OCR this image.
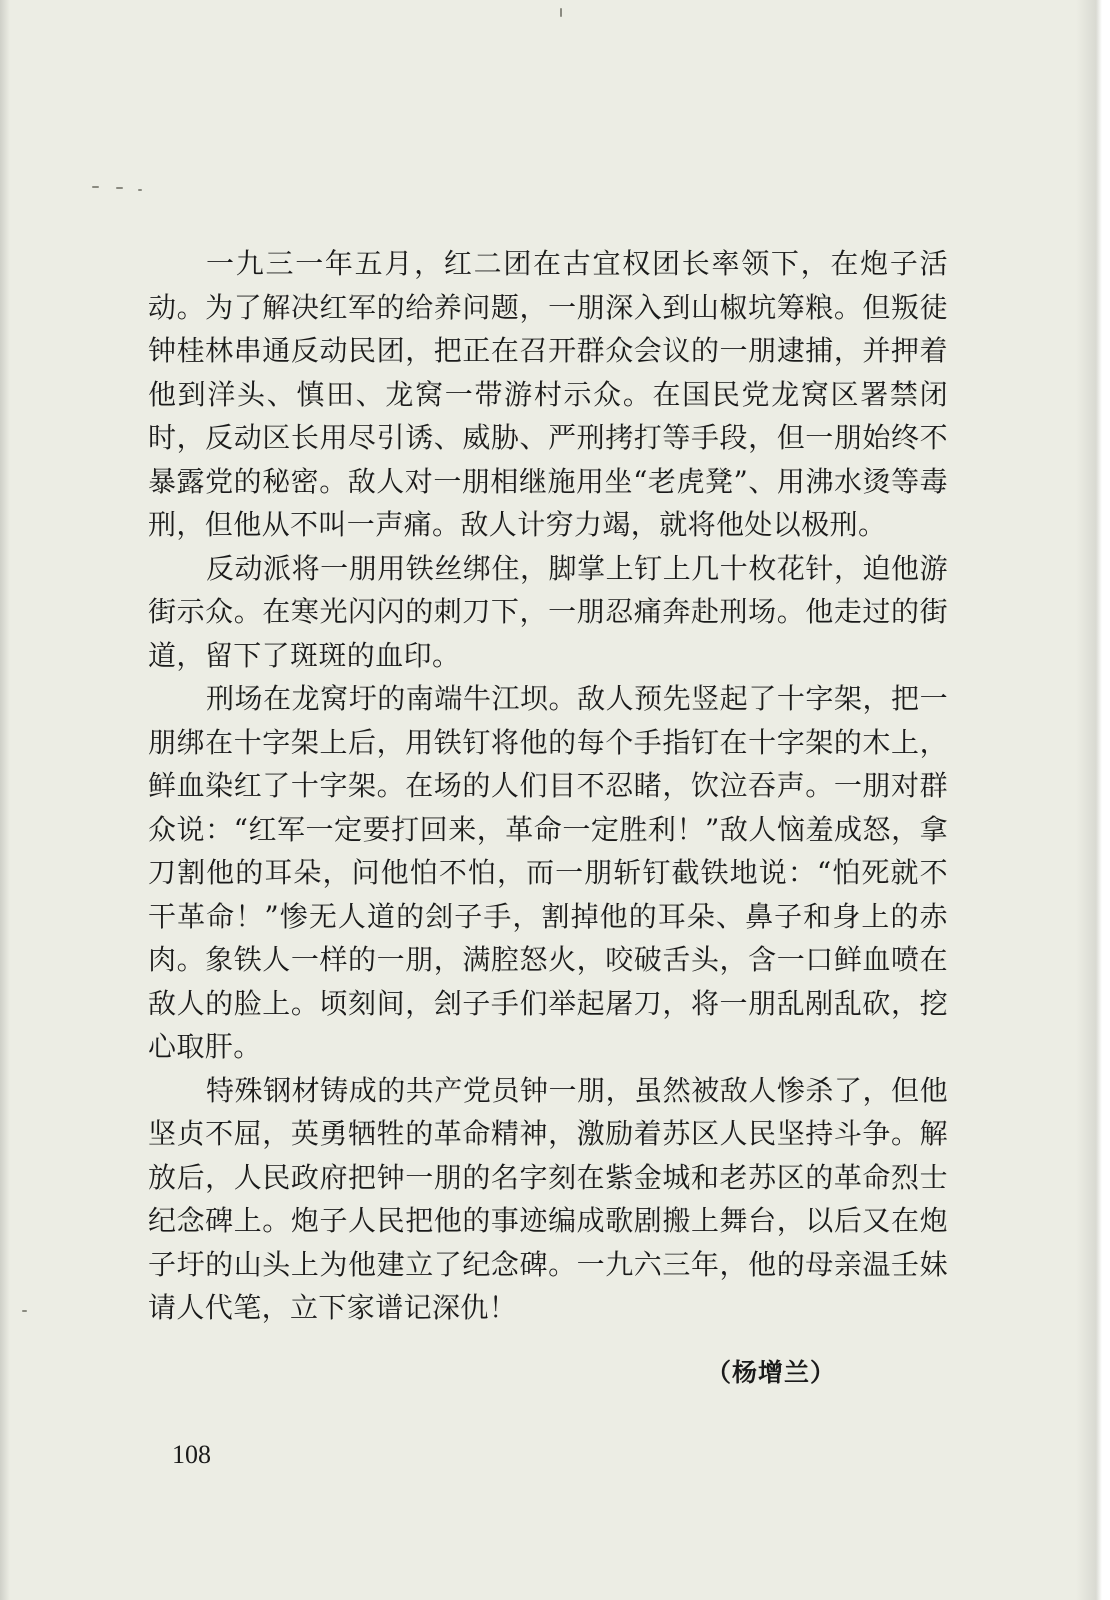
一九三一年五月，红二团在古宜权团长率领下，在炮子活动。为了解决红军的给养问题，一朋深入到山椒坑筹粮。但叛徒钟桂林串通反动民团，把正在召开群众会议的一朋逮捕，并押着他到洋头、慎田、龙窝一带游村示众。在国民党龙窝区署禁闭时，反动区长用尽引诱、威胁、严刑拷打等手段，但一朋始终不暴露党的秘密。敌人对一朋相继施用坐“老虎凳”、用沸水烫等毒刑，但他从不叫一声痛。敌人计穷力竭，就将他处以极刑。

反动派将一朋用铁丝绑住，脚掌上钉上几十枚花针，迫他游街示众。在寒光闪闪的刺刀下，一朋忍痛奔赴刑场。他走过的街道，留下了斑斑的血印。

刑场在龙窝圩的南端牛江坝。敌人预先竖起了十字架，把一朋绑在十字架上后，用铁钉将他的每个手指钉在十字架的木上，鲜血染红了十字架。在场的人们目不忍睹，饮泣吞声。一朋对群众说：“红军一定要打回来，革命一定胜利！”敌人恼羞成怒，拿刀割他的耳朵，问他怕不怕，而一朋斩钉截铁地说：“怕死就不干革命！”惨无人道的刽子手，割掉他的耳朵、鼻子和身上的赤肉。象铁人一样的一朋，满腔怒火，咬破舌头，含一口鲜血喷在敌人的脸上。顷刻间，刽子手们举起屠刀，将一朋乱剐乱砍，挖心取肝。

特殊钢材铸成的共产党员钟一朋，虽然被敌人惨杀了，但他坚贞不屈，英勇牺牲的革命精神，激励着苏区人民坚持斗争。解放后，人民政府把钟一朋的名字刻在紫金城和老苏区的革命烈士纪念碑上。炮子人民把他的事迹编成歌剧搬上舞台，以后又在炮子圩的山头上为他建立了纪念碑。一九六三年，他的母亲温壬妹请人代笔，立下家谱记深仇！

（杨增兰）

108
